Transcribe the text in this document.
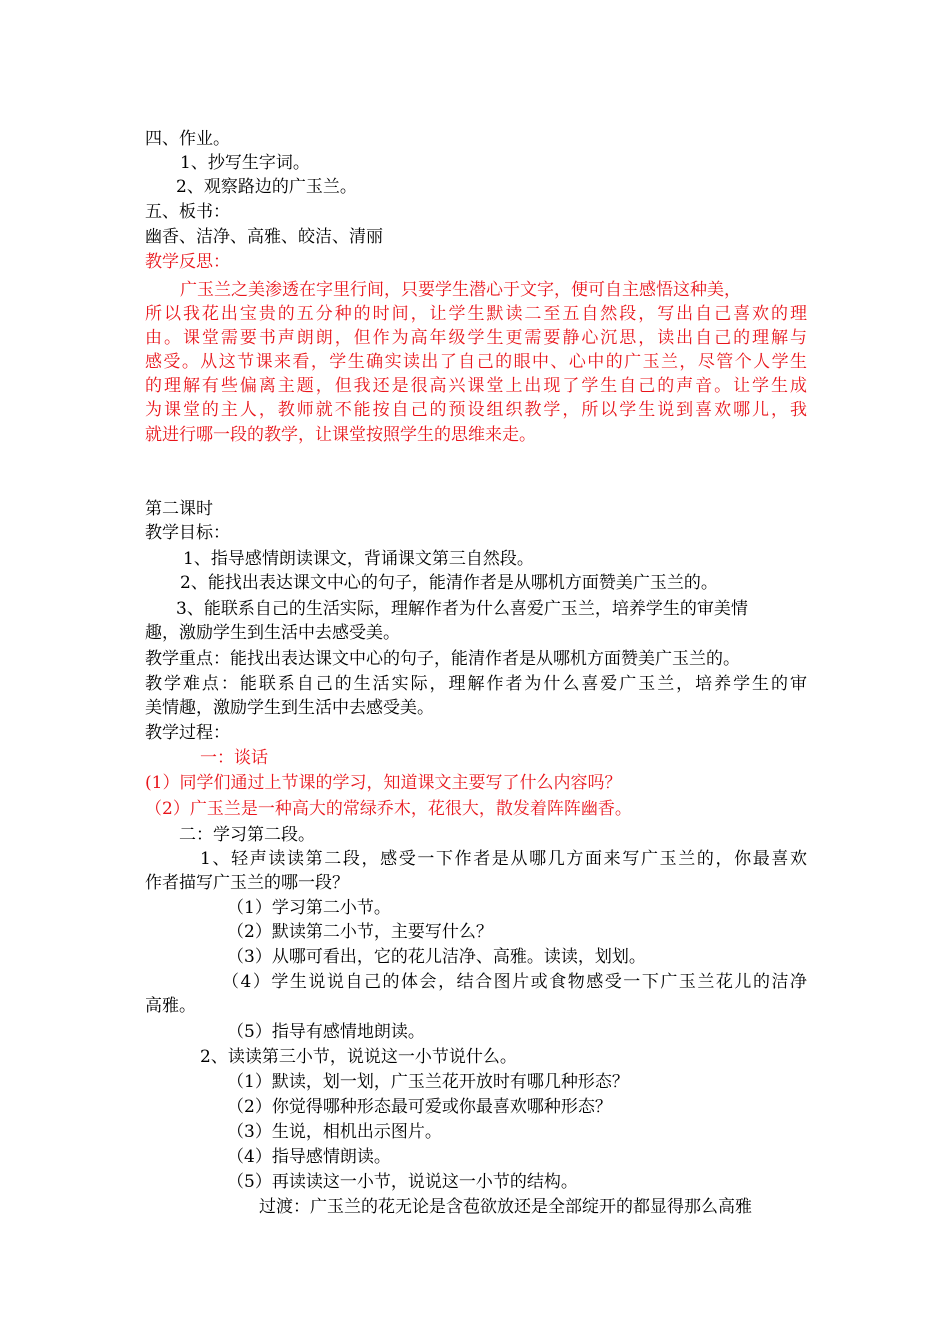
四、作业。
1、抄写生字词。
2、观察路边的广玉兰。
五、板书：
幽香、洁净、高雅、皎洁、清丽
教学反思：
广玉兰之美渗透在字里行间，只要学生潜心于文字，便可自主感悟这种美，
所以我花出宝贵的五分种的时间，让学生默读二至五自然段，写出自己喜欢的理
由。课堂需要书声朗朗，但作为高年级学生更需要静心沉思，读出自己的理解与
感受。从这节课来看，学生确实读出了自己的眼中、心中的广玉兰，尽管个人学生
的理解有些偏离主题，但我还是很高兴课堂上出现了学生自己的声音。让学生成
为课堂的主人，教师就不能按自己的预设组织教学，所以学生说到喜欢哪儿，我
就进行哪一段的教学，让课堂按照学生的思维来走。
第二课时
教学目标：
1、指导感情朗读课文，背诵课文第三自然段。
2、能找出表达课文中心的句子，能清作者是从哪机方面赞美广玉兰的。
3、能联系自己的生活实际，理解作者为什么喜爱广玉兰，培养学生的审美情
趣，激励学生到生活中去感受美。
教学重点：能找出表达课文中心的句子，能清作者是从哪机方面赞美广玉兰的。
教学难点：能联系自己的生活实际，理解作者为什么喜爱广玉兰，培养学生的审
美情趣，激励学生到生活中去感受美。
教学过程：
一：谈话
(1）同学们通过上节课的学习，知道课文主要写了什么内容吗？
（2）广玉兰是一种高大的常绿乔木，花很大，散发着阵阵幽香。
二：学习第二段。
1、轻声读读第二段，感受一下作者是从哪几方面来写广玉兰的，你最喜欢
作者描写广玉兰的哪一段？
（1）学习第二小节。
（2）默读第二小节，主要写什么？
（3）从哪可看出，它的花儿洁净、高雅。读读，划划。
（4）学生说说自己的体会，结合图片或食物感受一下广玉兰花儿的洁净
高雅。
（5）指导有感情地朗读。
2、读读第三小节，说说这一小节说什么。
（1）默读，划一划，广玉兰花开放时有哪几种形态？
（2）你觉得哪种形态最可爱或你最喜欢哪种形态？
（3）生说，相机出示图片。
（4）指导感情朗读。
（5）再读读这一小节，说说这一小节的结构。
过渡：广玉兰的花无论是含苞欲放还是全部绽开的都显得那么高雅
